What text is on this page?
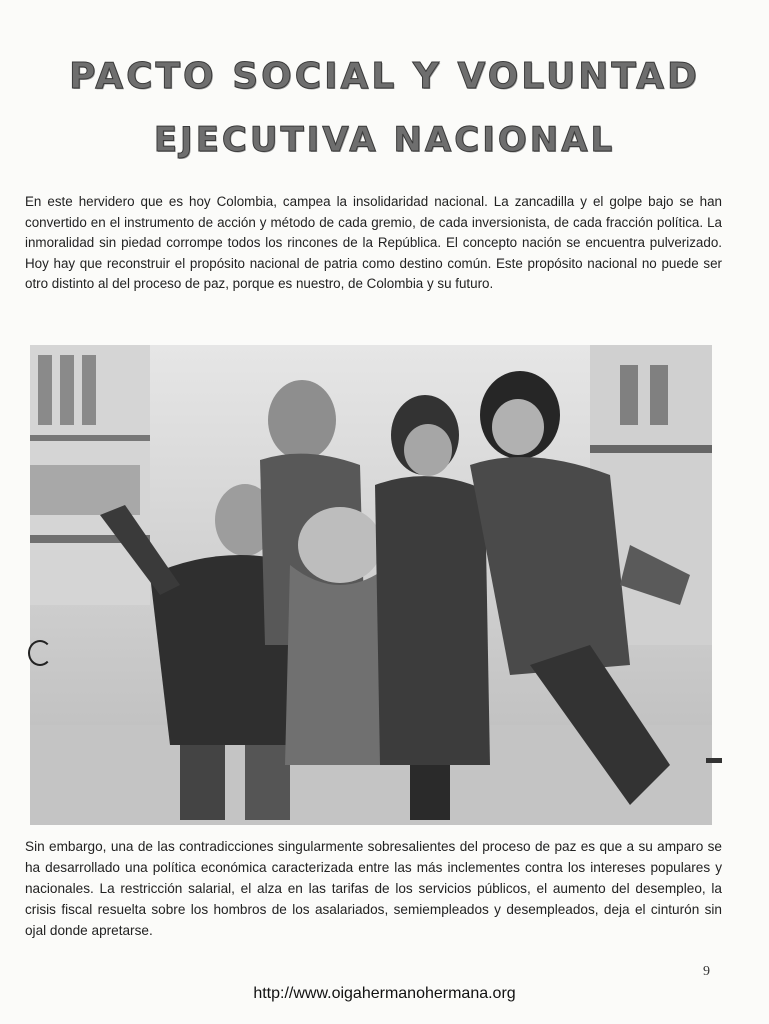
PACTO SOCIAL Y VOLUNTAD
EJECUTIVA NACIONAL

En este hervidero que es hoy Colombia, campea la insolidaridad nacional. La zancadilla y el golpe bajo se han convertido en el instrumento de acción y método de cada gremio, de cada inversionista, de cada fracción política. La inmoralidad sin piedad corrompe todos los rincones de la República. El concepto nación se encuentra pulverizado. Hoy hay que reconstruir el propósito nacional de patria como destino común. Este propósito nacional no puede ser otro distinto al del proceso de paz, porque es nuestro, de Colombia y su futuro.

Sin embargo, una de las contradicciones singularmente sobresalientes del proceso de paz es que a su amparo se ha desarrollado una política económica caracterizada entre las más inclementes contra los intereses populares y nacionales. La restricción salarial, el alza en las tarifas de los servicios públicos, el aumento del desempleo, la crisis fiscal resuelta sobre los hombros de los asalariados, semiempleados y desempleados, deja el cinturón sin ojal donde apretarse.

9
http://www.oigahermanohermana.org
